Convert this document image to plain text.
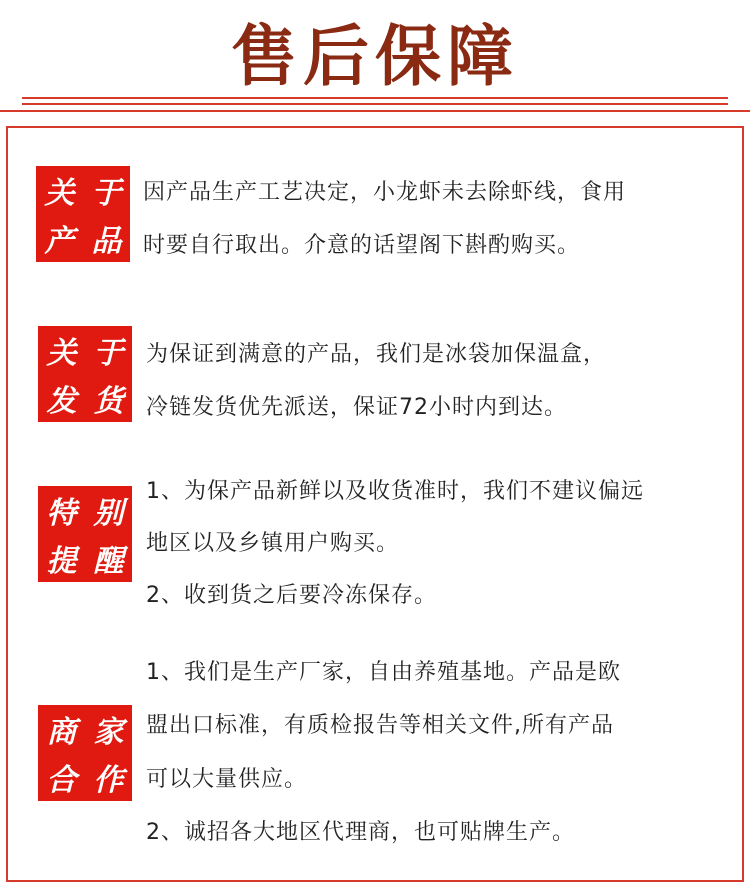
售后保障
关 于
产 品
因产品生产工艺决定，小龙虾未去除虾线，食用
时要自行取出。介意的话望阁下斟酌购买。
关 于
发 货
为保证到满意的产品，我们是冰袋加保温盒，
冷链发货优先派送，保证72小时内到达。
特 别
提 醒
1、为保产品新鲜以及收货准时，我们不建议偏远
地区以及乡镇用户购买。
2、收到货之后要冷冻保存。
商 家
合 作
1、我们是生产厂家，自由养殖基地。产品是欧
盟出口标准，有质检报告等相关文件,所有产品
可以大量供应。
2、诚招各大地区代理商，也可贴牌生产。
